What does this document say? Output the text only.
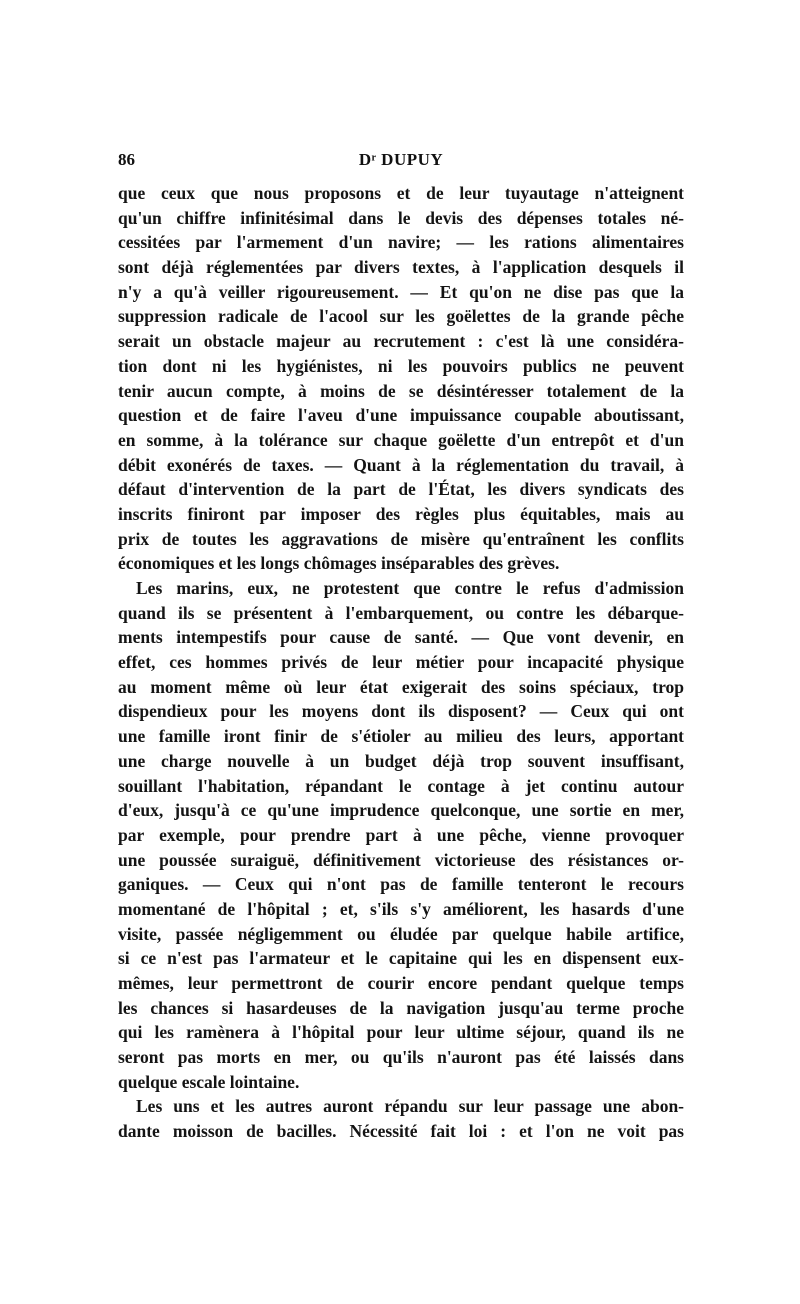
86	Dʳ DUPUY
que ceux que nous proposons et de leur tuyautage n'atteignent
qu'un chiffre infinitésimal dans le devis des dépenses totales né-
cessitées par l'armement d'un navire; — les rations alimentaires
sont déjà réglementées par divers textes, à l'application desquels il
n'y a qu'à veiller rigoureusement. — Et qu'on ne dise pas que la
suppression radicale de l'acool sur les goëlettes de la grande pêche
serait un obstacle majeur au recrutement : c'est là une considéra-
tion dont ni les hygiénistes, ni les pouvoirs publics ne peuvent
tenir aucun compte, à moins de se désintéresser totalement de la
question et de faire l'aveu d'une impuissance coupable aboutissant,
en somme, à la tolérance sur chaque goëlette d'un entrepôt et d'un
débit exonérés de taxes. — Quant à la réglementation du travail, à
défaut d'intervention de la part de l'État, les divers syndicats des
inscrits finiront par imposer des règles plus équitables, mais au
prix de toutes les aggravations de misère qu'entraînent les conflits
économiques et les longs chômages inséparables des grèves.
Les marins, eux, ne protestent que contre le refus d'admission
quand ils se présentent à l'embarquement, ou contre les débarque-
ments intempestifs pour cause de santé. — Que vont devenir, en
effet, ces hommes privés de leur métier pour incapacité physique
au moment même où leur état exigerait des soins spéciaux, trop
dispendieux pour les moyens dont ils disposent? — Ceux qui ont
une famille iront finir de s'étioler au milieu des leurs, apportant
une charge nouvelle à un budget déjà trop souvent insuffisant,
souillant l'habitation, répandant le contage à jet continu autour
d'eux, jusqu'à ce qu'une imprudence quelconque, une sortie en mer,
par exemple, pour prendre part à une pêche, vienne provoquer
une poussée suraiguë, définitivement victorieuse des résistances or-
ganiques. — Ceux qui n'ont pas de famille tenteront le recours
momentané de l'hôpital ; et, s'ils s'y améliorent, les hasards d'une
visite, passée négligemment ou éludée par quelque habile artifice,
si ce n'est pas l'armateur et le capitaine qui les en dispensent eux-
mêmes, leur permettront de courir encore pendant quelque temps
les chances si hasardeuses de la navigation jusqu'au terme proche
qui les ramènera à l'hôpital pour leur ultime séjour, quand ils ne
seront pas morts en mer, ou qu'ils n'auront pas été laissés dans
quelque escale lointaine.
Les uns et les autres auront répandu sur leur passage une abon-
dante moisson de bacilles. Nécessité fait loi : et l'on ne voit pas
